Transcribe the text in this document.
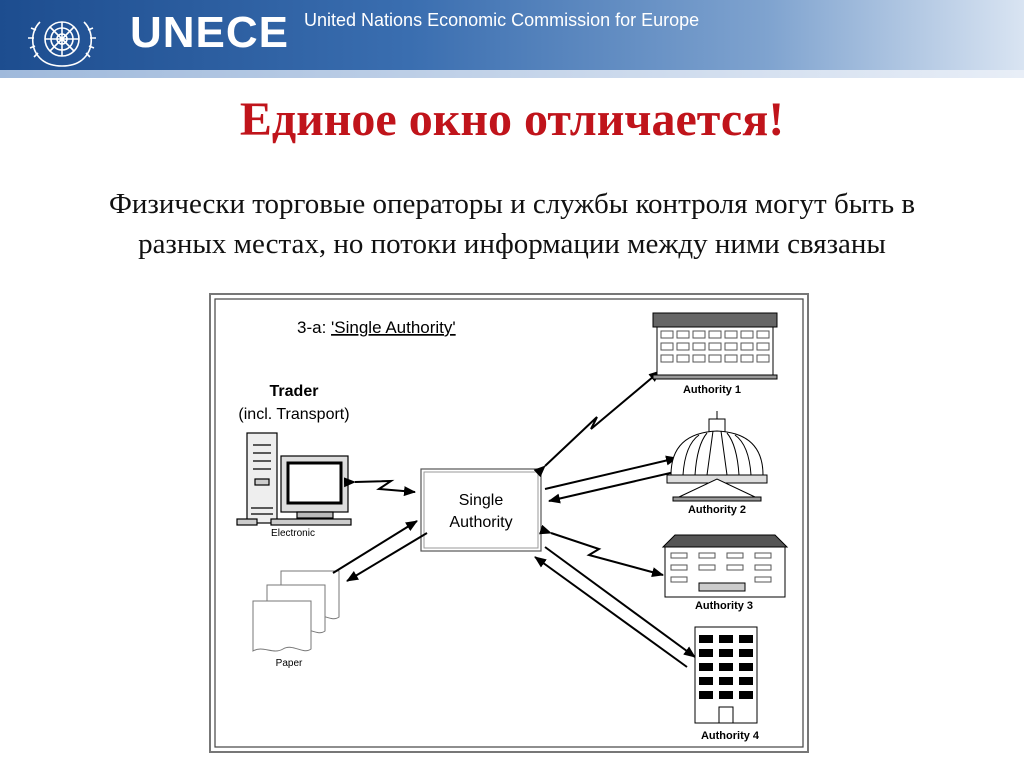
UNECE United Nations Economic Commission for Europe
Единое окно отличается!
Физически торговые операторы и службы контроля могут быть в
разных местах, но потоки информации между ними связаны
3-a: 'Single Authority'
Trader
(incl. Transport)
Electronic
Paper
Single
Authority
Authority 1
Authority 2
Authority 3
Authority 4
